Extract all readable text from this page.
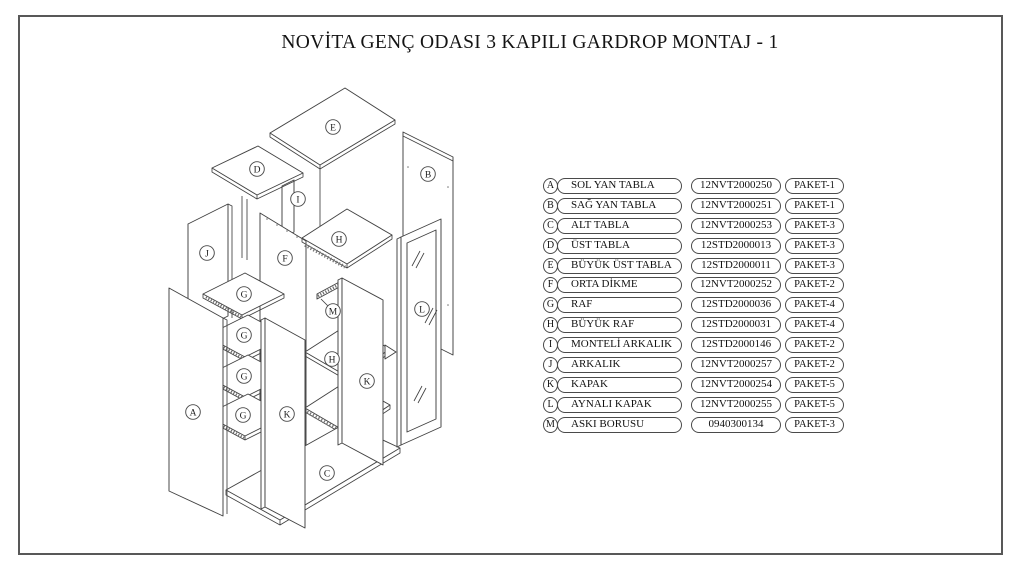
NOVİTA GENÇ ODASI 3 KAPILI GARDROP MONTAJ - 1
E
D	B
I
J
F
H
G
M
G
G
G
A	K
H
K
L
C
A	SOL YAN TABLA	12NVT2000250	PAKET-1
B	SAĞ YAN TABLA	12NVT2000251	PAKET-1
C	ALT TABLA	12NVT2000253	PAKET-3
D	ÜST TABLA	12STD2000013	PAKET-3
E	BÜYÜK ÜST TABLA	12STD2000011	PAKET-3
F	ORTA DİKME	12NVT2000252	PAKET-2
G	RAF	12STD2000036	PAKET-4
H	BÜYÜK RAF	12STD2000031	PAKET-4
I	MONTELİ ARKALIK	12STD2000146	PAKET-2
J	ARKALIK	12NVT2000257	PAKET-2
K	KAPAK	12NVT2000254	PAKET-5
L	AYNALI KAPAK	12NVT2000255	PAKET-5
M	ASKI BORUSU	0940300134	PAKET-3
